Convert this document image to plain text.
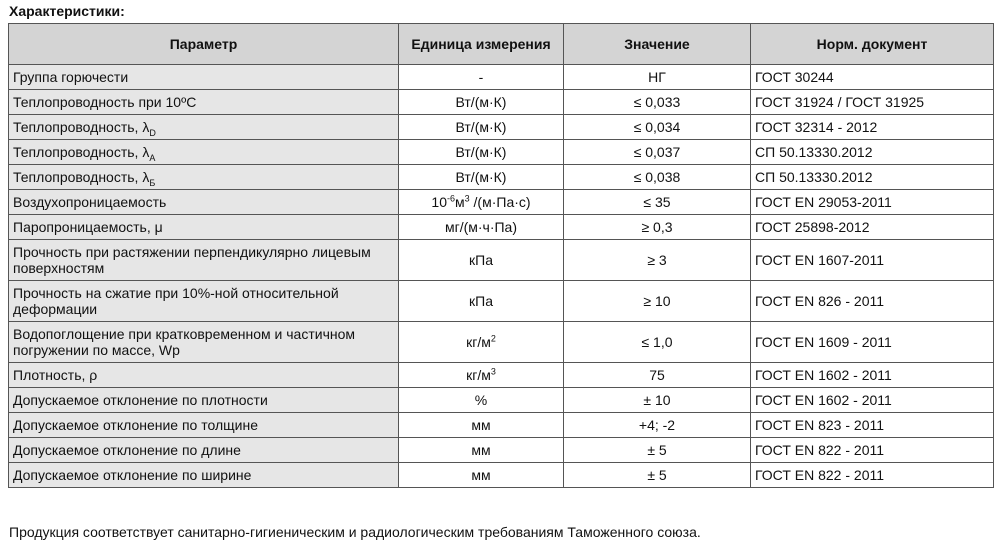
Характеристики:
Параметр	Единица измерения	Значение	Норм. документ
Группа горючести	-	НГ	ГОСТ 30244
Теплопроводность при 10ºС	Вт/(м·К)	≤ 0,033	ГОСТ 31924 / ГОСТ 31925
Теплопроводность, $\lambda_D$	Вт/(м·К)	≤ 0,034	ГОСТ 32314 - 2012
Теплопроводность, $\lambda_А$	Вт/(м·К)	≤ 0,037	СП 50.13330.2012
Теплопроводность, $\lambda_Б$	Вт/(м·К)	≤ 0,038	СП 50.13330.2012
Воздухопроницаемость	$10^{-6}м^3$ /(м·Па·с)	≤ 35	ГОСТ EN 29053-2011
Паропроницаемость, μ	мг/(м·ч·Па)	≥ 0,3	ГОСТ 25898-2012
Прочность при растяжении перпендикулярно лицевым поверхностям	кПа	≥ 3	ГОСТ EN 1607-2011
Прочность на сжатие при 10%-ной относительной деформации	кПа	≥ 10	ГОСТ EN 826 - 2011
Водопоглощение при кратковременном и частичном погружении по массе, Wp	$кг/м^2$	≤ 1,0	ГОСТ EN 1609 - 2011
Плотность, ρ	$кг/м^3$	75	ГОСТ EN 1602 - 2011
Допускаемое отклонение по плотности	%	± 10	ГОСТ EN 1602 - 2011
Допускаемое отклонение по толщине	мм	+4; -2	ГОСТ EN 823 - 2011
Допускаемое отклонение по длине	мм	± 5	ГОСТ EN 822 - 2011
Допускаемое отклонение по ширине	мм	± 5	ГОСТ EN 822 - 2011
Продукция соответствует санитарно-гигиеническим и радиологическим требованиям Таможенного союза.
